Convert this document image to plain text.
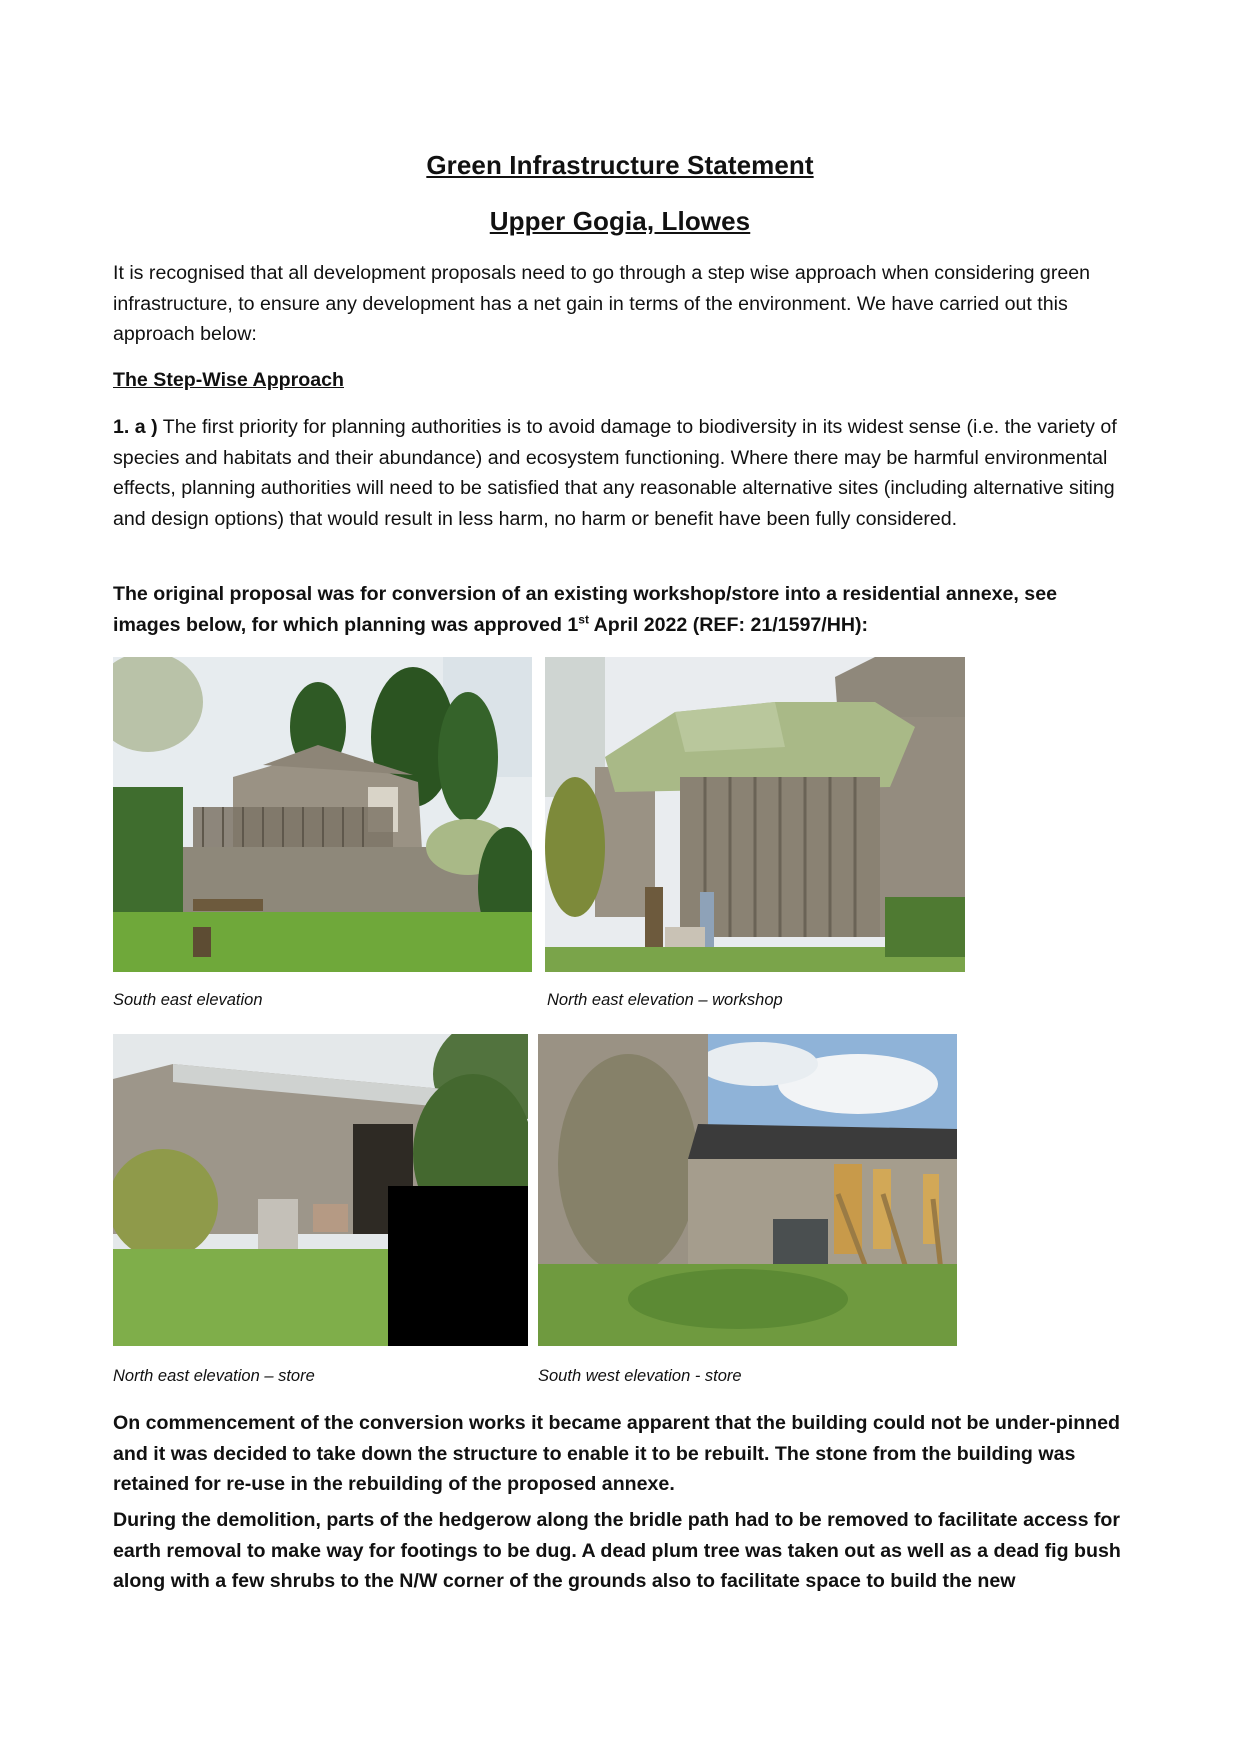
Green Infrastructure Statement
Upper Gogia, Llowes
It is recognised that all development proposals need to go through a step wise approach when considering green infrastructure, to ensure any development has a net gain in terms of the environment. We have carried out this approach below:
The Step-Wise Approach
1. a ) The first priority for planning authorities is to avoid damage to biodiversity in its widest sense (i.e. the variety of species and habitats and their abundance) and ecosystem functioning. Where there may be harmful environmental effects, planning authorities will need to be satisfied that any reasonable alternative sites (including alternative siting and design options) that would result in less harm, no harm or benefit have been fully considered.
The original proposal was for conversion of an existing workshop/store into a residential annexe, see images below, for which planning was approved 1st April 2022 (REF: 21/1597/HH):
South east elevation	North east elevation – workshop
North east elevation – store	South west elevation - store
On commencement of the conversion works it became apparent that the building could not be under-pinned and it was decided to take down the structure to enable it to be rebuilt. The stone from the building was retained for re-use in the rebuilding of the proposed annexe.
During the demolition, parts of the hedgerow along the bridle path had to be removed to facilitate access for earth removal to make way for footings to be dug. A dead plum tree was taken out as well as a dead fig bush along with a few shrubs to the N/W corner of the grounds also to facilitate space to build the new
